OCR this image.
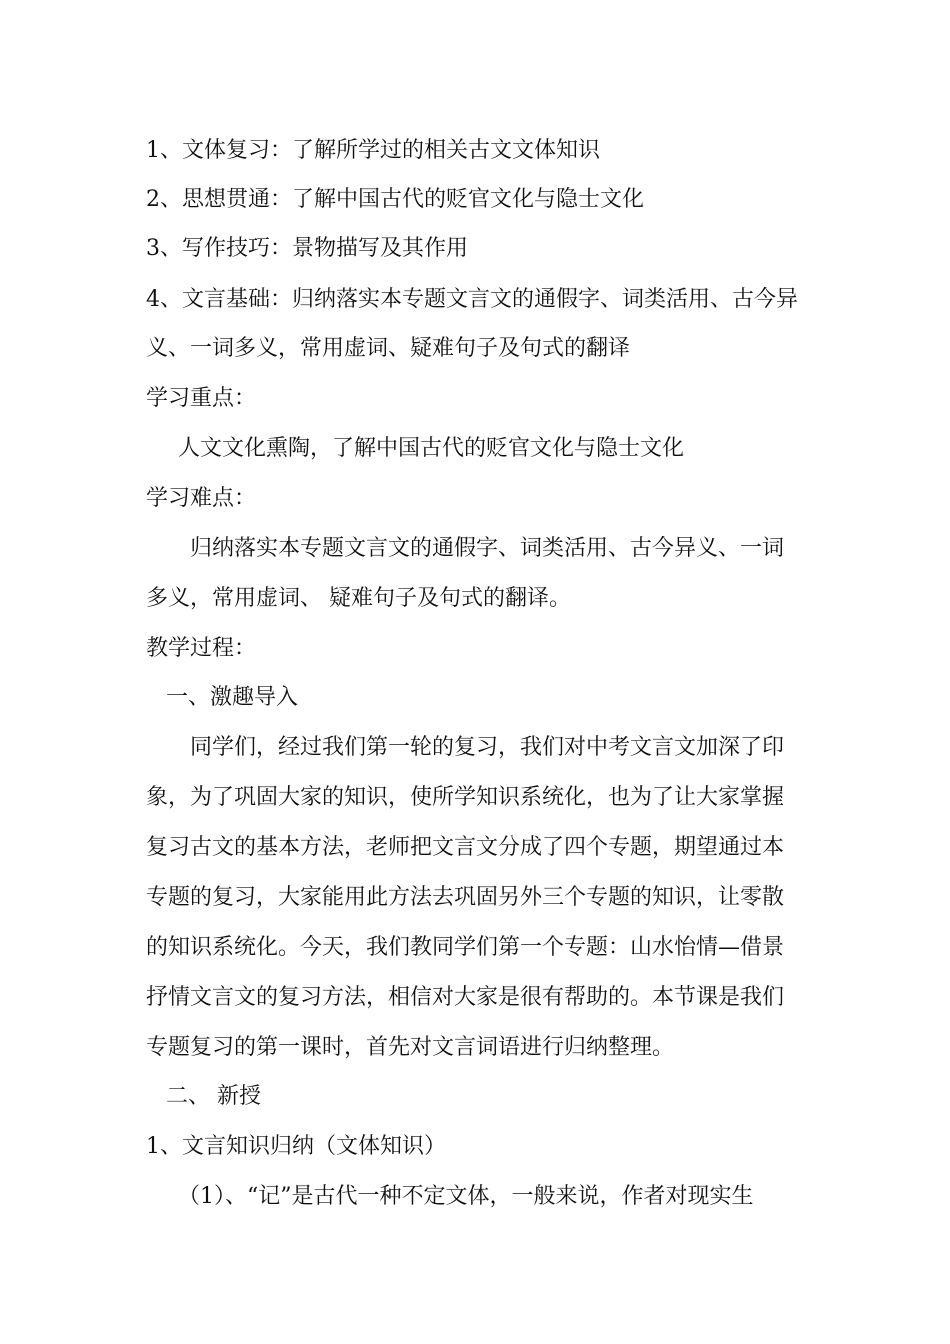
1、文体复习：了解所学过的相关古文文体知识
2、思想贯通：了解中国古代的贬官文化与隐士文化
3、写作技巧：景物描写及其作用
4、文言基础：归纳落实本专题文言文的通假字、词类活用、古今异
义、一词多义，常用虚词、疑难句子及句式的翻译
学习重点：
人文文化熏陶，了解中国古代的贬官文化与隐士文化
学习难点：
归纳落实本专题文言文的通假字、词类活用、古今异义、一词
多义，常用虚词、 疑难句子及句式的翻译。
教学过程：
一、激趣导入
同学们，经过我们第一轮的复习，我们对中考文言文加深了印
象，为了巩固大家的知识，使所学知识系统化，也为了让大家掌握
复习古文的基本方法，老师把文言文分成了四个专题，期望通过本
专题的复习，大家能用此方法去巩固另外三个专题的知识，让零散
的知识系统化。今天，我们教同学们第一个专题：山水怡情—借景
抒情文言文的复习方法，相信对大家是很有帮助的。本节课是我们
专题复习的第一课时，首先对文言词语进行归纳整理。
二、 新授
1、文言知识归纳（文体知识）
（1）、“记”是古代一种不定文体，一般来说，作者对现实生
